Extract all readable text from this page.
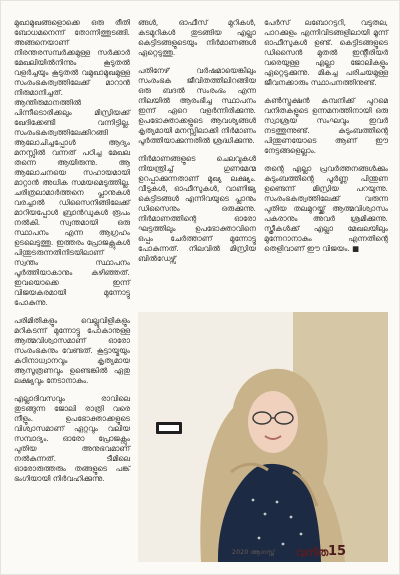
മുഖാമുഖങ്ങളൊക്കെ ഒരു രീതി ബോധമനെന്ന് തോന്നിത്തുടങ്ങി. അങ്ങനെയാണ് നിരന്തരസമ്പർക്കമുള്ള സർക്കാർ മേഖലിയിൽനിന്നും കൂടുതൽ വളർച്ചയും കൂടുതൽ വമുഖാമുഖമുള്ള സംരംഭകത്വത്തിലേക്ക് മാറാൻ നിരുമാനിച്ചത്. ആന്തിരുമാനത്തിൽ പിന്നീടൊരിക്കലും മിസ്രിയക്ക് ഖേദിക്കേണ്ടി വന്നിട്ടില്ല. സംരംഭകത്വത്തിലേക്കിറങ്ങി ആലോചിച്ചപ്പോൾ ആദ്യം മനസ്സിൽ വന്നത് പഠിച്ച മേഖല തന്നെ ആയിരുന്നു. ആ ആലോചനയെ സഹായമായി മാറ്റാൻ അധിക സമയമെടുത്തില്ല. ചരിത്രലാമാർത്തനെ പ്ലാനുകൾ വരച്ചാൽ ഡിസൈനിങ്ങിലേക്ക് മാറിയപ്പോൾ ബ്രാൻഡുകൾ രൂപം നൽകി. സ്വന്തമായി ഒരു സ്ഥാപനം എന്ന ആഗ്രഹം ഉടലെടുത്തു. ഇത്തരം പ്രോജക്റ്റുകൾ പിന്തുടരുന്നതിനിടയിലാണ് സ്വന്തം സ്ഥാപനം പൂർത്തിയാകാനും കഴിഞ്ഞത്. ഇവയൊക്കെ ഇന്ന് വിജയകരമായി മുന്നോട്ടു പോകുന്നു.

പരിമിതികളും വെല്ലുവിളികളും മറികടന്ന് മുന്നോട്ടു പോകാനുള്ള ആത്മവിശ്വാസമാണ് ഓരോ സംരംഭകനും വേണ്ടത്. കൂട്ടായ്മയും കഠിനാധ്വാനവും കൃത്യമായ ആസൂത്രണവും ഉണ്ടെങ്കിൽ ഏതു ലക്ഷ്യവും നേടാനാകും.

എല്ലാദിവസവും രാവിലെ തുടങ്ങുന്ന ജോലി രാത്രി വരെ നീളും. ഉപഭോക്താക്കളുടെ വിശ്വാസമാണ് ഏറ്റവും വലിയ സമ്പാദ്യം. ഓരോ പ്രോജക്റ്റും പുതിയ അനുഭവമാണ് നൽകുന്നത്. ടീമിലെ ഓരോരുത്തരും തങ്ങളുടെ പങ്ക് ഭംഗിയായി നിർവഹിക്കുന്നു.

ങ്ങൾ, ഓഫീസ് മുറികൾ, കടമുറികൾ തുടങ്ങിയ എല്ലാ കെട്ടിടങ്ങളുടെയും നിർമാണങ്ങൾ ഏറ്റെടുത്തു.

പതിനേഴ് വർഷമായെങ്കിലും സംരംഭക ജീവിതത്തിലിറങ്ങിയ ഒരു ബദൽ സംരംഭം എന്ന നിലയിൽ ആരംഭിച്ച സ്ഥാപനം ഇന്ന് ഏറെ വളർന്നിരിക്കുന്നു. ഉപഭോക്താക്കളുടെ ആവശ്യങ്ങൾ കൃത്യമായി മനസ്സിലാക്കി നിർമാണം പൂർത്തിയാക്കുന്നതിൽ ശ്രദ്ധിക്കുന്നു.

നിർമാണങ്ങളുടെ ചെലവുകൾ നിയന്ത്രിച്ച് ഗുണമേന്മ ഉറപ്പാക്കുന്നതാണ് മുഖ്യ ലക്ഷ്യം. വീടുകൾ, ഓഫീസുകൾ, വാണിജ്യ കെട്ടിടങ്ങൾ എന്നിവയുടെ പ്ലാനും ഡിസൈനും ഒരുക്കുന്നു. നിർമാണത്തിന്റെ ഓരോ ഘട്ടത്തിലും ഉപഭോക്താവിനെ ഒപ്പം ചേർത്താണ് മുന്നോട്ടു പോകുന്നത്. നിലവിൽ മിസ്രിയ ബിൽഡേഴ്സ്

പേർസ് ലബോറട്ടറി, വടുതല, പാറക്കുളം എന്നിവിടങ്ങളിലായി മൂന്ന് ഓഫീസുകൾ ഉണ്ട്. കെട്ടിടങ്ങളുടെ ഡിസൈൻ മുതൽ ഇന്റീരിയർ വരെയുള്ള എല്ലാ ജോലികളും ഏറ്റെടുക്കുന്നു. മികച്ച പരിചയമുള്ള ജീവനക്കാരും സ്ഥാപനത്തിനുണ്ട്.

കൺസ്ട്രക്ഷൻ കമ്പനിക്ക് പുറമെ വനിതകളുടെ ഉന്നമനത്തിനായി ഒരു സ്വാശ്രയ സംഘവും ഇവർ നടത്തുന്നുണ്ട്. കുടുംബത്തിന്റെ പിന്തുണയോടെ ആണ് ഈ നേട്ടങ്ങളെല്ലാം.

തന്റെ എല്ലാ പ്രവർത്തനങ്ങൾക്കും കുടുംബത്തിന്റെ പൂർണ്ണ പിന്തുണ ഉണ്ടെന്ന് മിസ്രിയ പറയുന്നു. സംരംഭകത്വത്തിലേക്ക് വരുന്ന പുതിയ തലമുറയ്ക്ക് ആത്മവിശ്വാസം പകരാനും അവർ ശ്രമിക്കുന്നു. സ്ത്രീകൾക്ക് എല്ലാ മേഖലയിലും മുന്നേറാനാകും എന്നതിന്റെ തെളിവാണ് ഈ വിജയം. ■

2020 ആഗസ്റ്റ് വനിത 15
